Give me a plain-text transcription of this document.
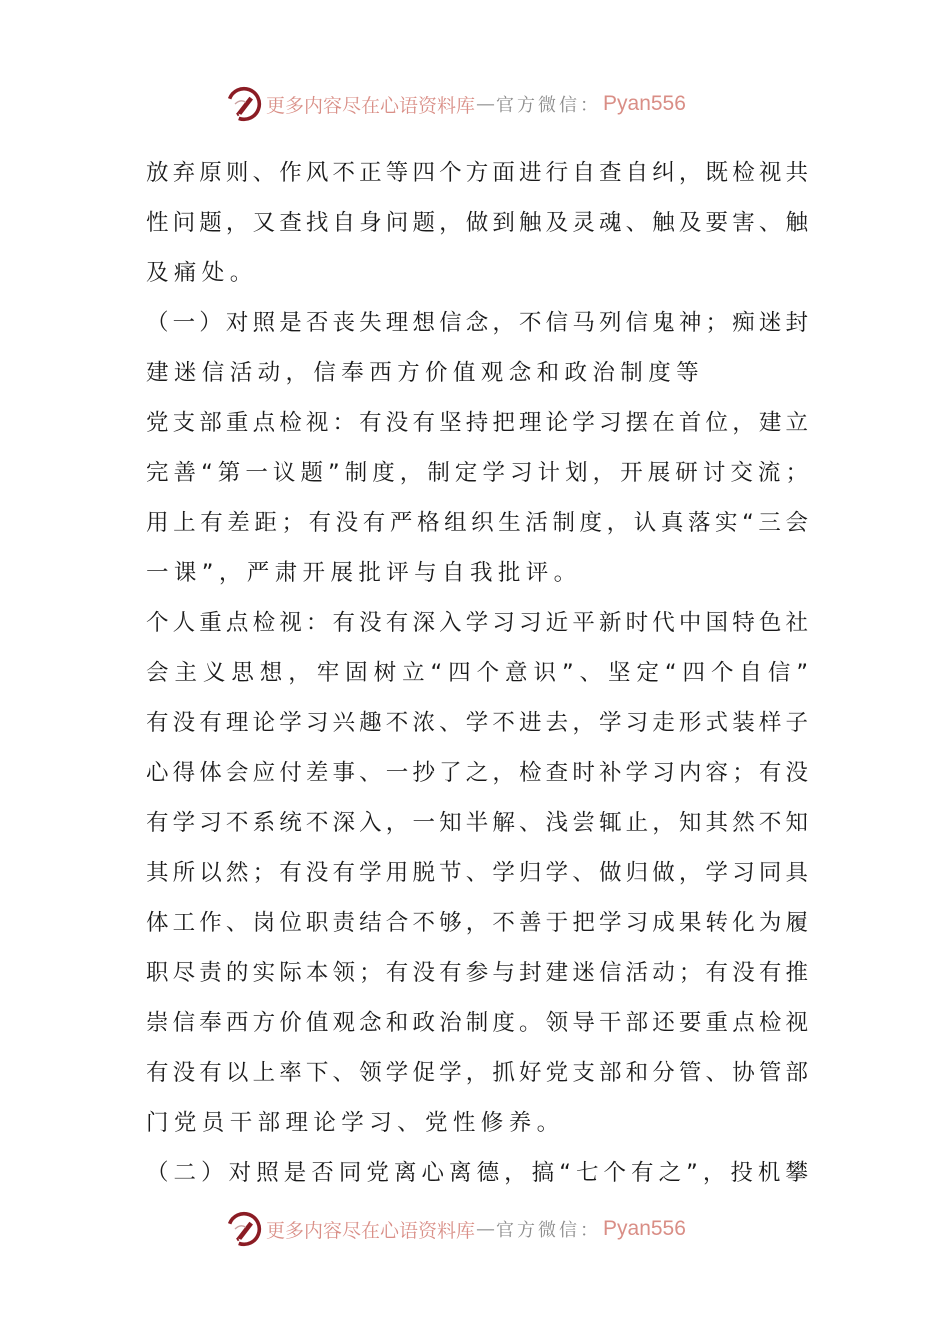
更多内容尽在心语资料库 — 官方微信： Pyan556
放弃原则、作风不正等四个方面进行自查自纠，既检视共
性问题，又查找自身问题，做到触及灵魂、触及要害、触
及痛处。
（一）对照是否丧失理想信念，不信马列信鬼神；痴迷封
建迷信活动，信奉西方价值观念和政治制度等
党支部重点检视：有没有坚持把理论学习摆在首位，建立
完善“第一议题”制度，制定学习计划，开展研讨交流；
用上有差距；有没有严格组织生活制度，认真落实“三会
一课”，严肃开展批评与自我批评。
个人重点检视：有没有深入学习习近平新时代中国特色社
会主义思想，牢固树立“四个意识”、坚定“四个自信”
有没有理论学习兴趣不浓、学不进去，学习走形式装样子
心得体会应付差事、一抄了之，检查时补学习内容；有没
有学习不系统不深入，一知半解、浅尝辄止，知其然不知
其所以然；有没有学用脱节、学归学、做归做，学习同具
体工作、岗位职责结合不够，不善于把学习成果转化为履
职尽责的实际本领；有没有参与封建迷信活动；有没有推
崇信奉西方价值观念和政治制度。领导干部还要重点检视
有没有以上率下、领学促学，抓好党支部和分管、协管部
门党员干部理论学习、党性修养。
（二）对照是否同党离心离德，搞“七个有之”，投机攀
更多内容尽在心语资料库 — 官方微信： Pyan556
